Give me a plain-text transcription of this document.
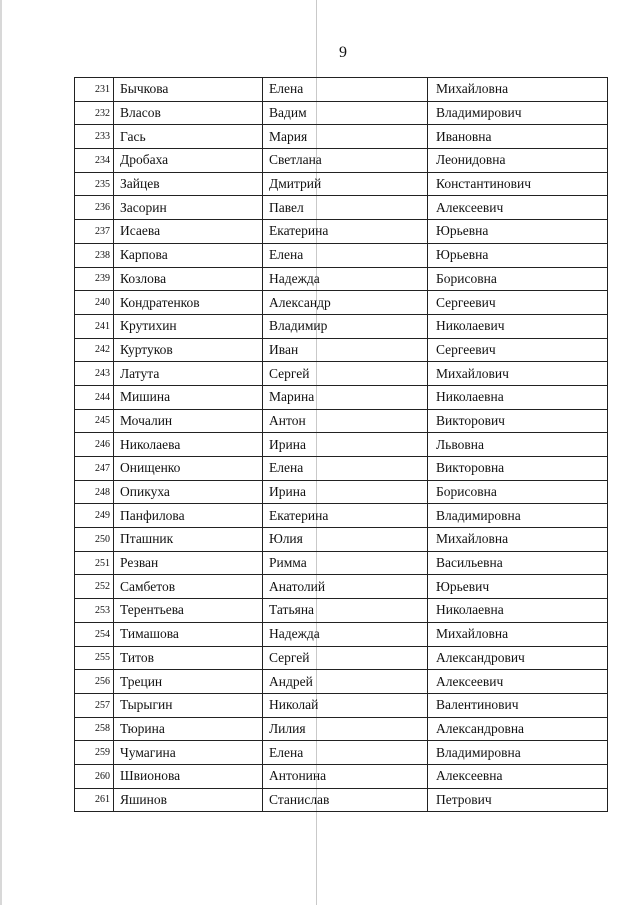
9
231	Бычкова	Елена	Михайловна
232	Власов	Вадим	Владимирович
233	Гась	Мария	Ивановна
234	Дробаха	Светлана	Леонидовна
235	Зайцев	Дмитрий	Константинович
236	Засорин	Павел	Алексеевич
237	Исаева	Екатерина	Юрьевна
238	Карпова	Елена	Юрьевна
239	Козлова	Надежда	Борисовна
240	Кондратенков	Александр	Сергеевич
241	Крутихин	Владимир	Николаевич
242	Куртуков	Иван	Сергеевич
243	Латута	Сергей	Михайлович
244	Мишина	Марина	Николаевна
245	Мочалин	Антон	Викторович
246	Николаева	Ирина	Львовна
247	Онищенко	Елена	Викторовна
248	Опикуха	Ирина	Борисовна
249	Панфилова	Екатерина	Владимировна
250	Пташник	Юлия	Михайловна
251	Резван	Римма	Васильевна
252	Самбетов	Анатолий	Юрьевич
253	Терентьева	Татьяна	Николаевна
254	Тимашова	Надежда	Михайловна
255	Титов	Сергей	Александрович
256	Трецин	Андрей	Алексеевич
257	Тырыгин	Николай	Валентинович
258	Тюрина	Лилия	Александровна
259	Чумагина	Елена	Владимировна
260	Швионова	Антонина	Алексеевна
261	Яшинов	Станислав	Петрович
